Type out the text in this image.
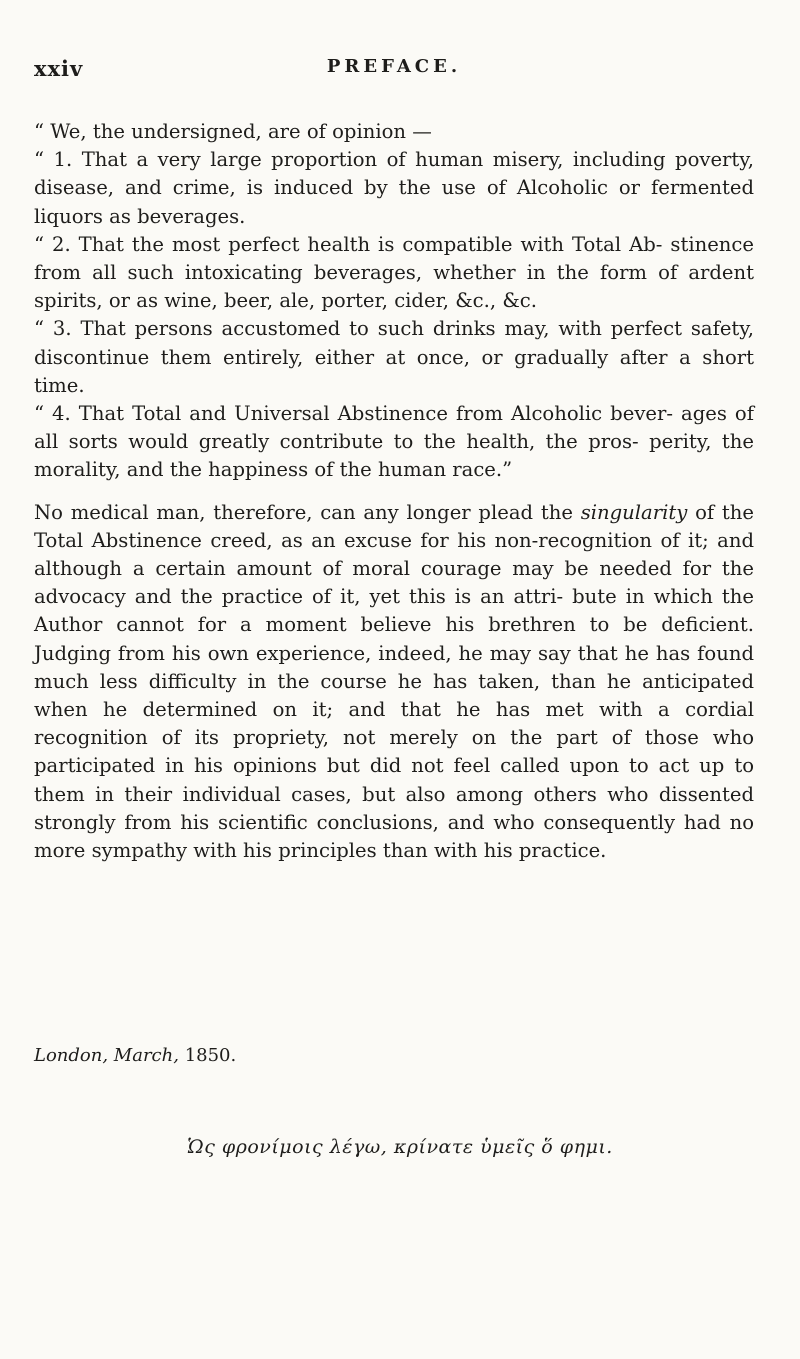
xxiv	PREFACE.

“ We, the undersigned, are of opinion —

“ 1. That a very large proportion of human misery, including poverty, disease, and crime, is induced by the use of Alcoholic or fermented liquors as beverages.

“ 2. That the most perfect health is compatible with Total Ab- stinence from all such intoxicating beverages, whether in the form of ardent spirits, or as wine, beer, ale, porter, cider, &c., &c.

“ 3. That persons accustomed to such drinks may, with perfect safety, discontinue them entirely, either at once, or gradually after a short time.

“ 4. That Total and Universal Abstinence from Alcoholic bever- ages of all sorts would greatly contribute to the health, the pros- perity, the morality, and the happiness of the human race.”

No medical man, therefore, can any longer plead the singularity of the Total Abstinence creed, as an excuse for his non-recognition of it; and although a certain amount of moral courage may be needed for the advocacy and the practice of it, yet this is an attri- bute in which the Author cannot for a moment believe his brethren to be deficient. Judging from his own experience, indeed, he may say that he has found much less difficulty in the course he has taken, than he anticipated when he determined on it; and that he has met with a cordial recognition of its propriety, not merely on the part of those who participated in his opinions but did not feel called upon to act up to them in their individual cases, but also among others who dissented strongly from his scientific conclusions, and who consequently had no more sympathy with his principles than with his practice.

London, March, 1850.
Ὡς φρονίμοις λέγω, κρίνατε ὑμεῖς ὅ φημι.
